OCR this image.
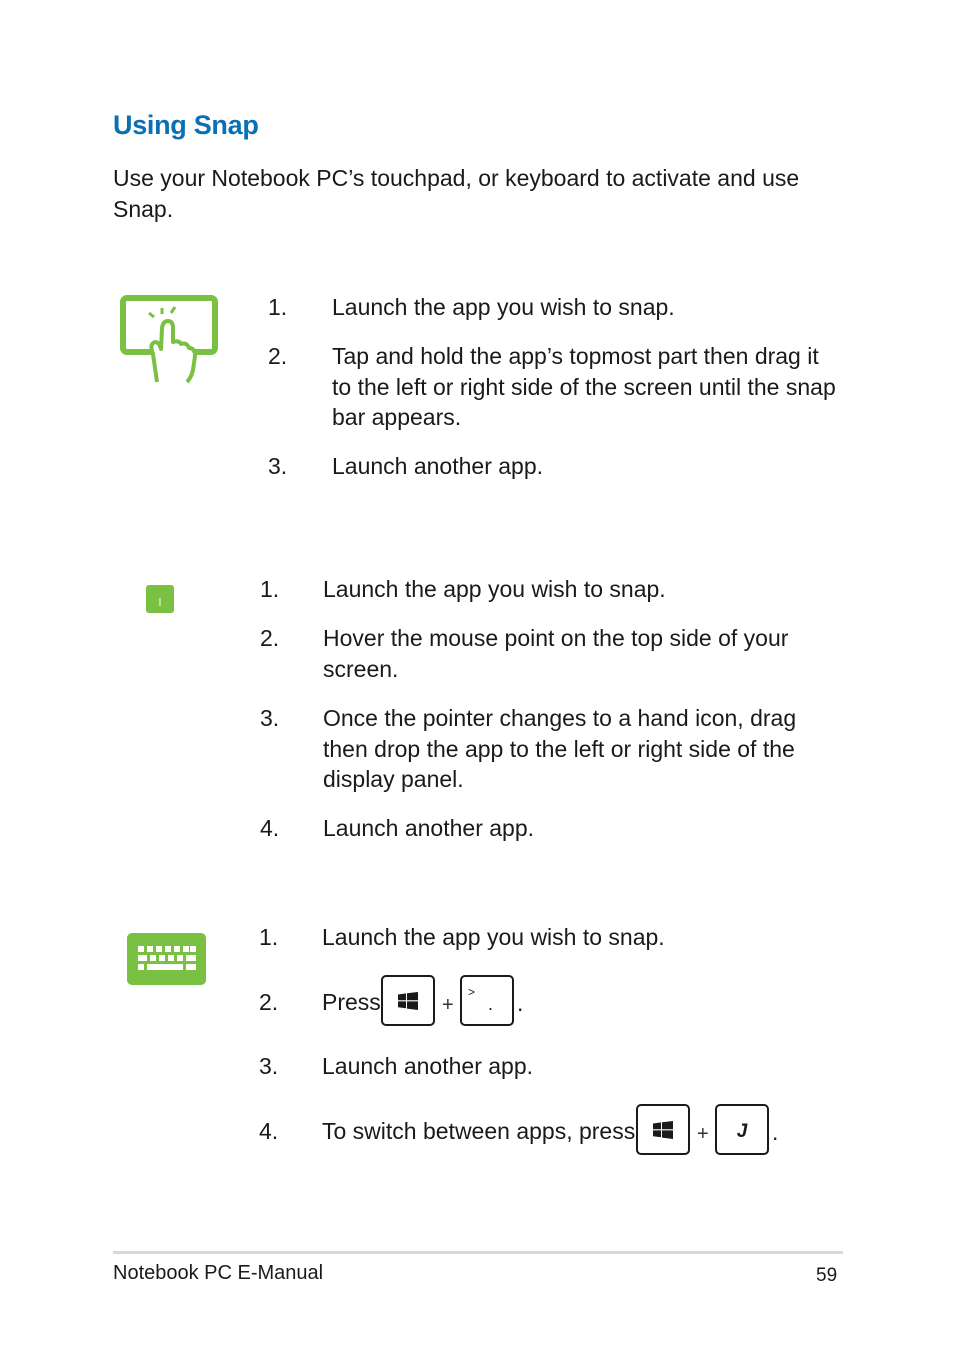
Using Snap
Use your Notebook PC’s touchpad, or keyboard to activate and use Snap.
1. Launch the app you wish to snap.
2. Tap and hold the app’s topmost part then drag it to the left or right side of the screen until the snap bar appears.
3. Launch another app.
l
1. Launch the app you wish to snap.
2. Hover the mouse point on the top side of your screen.
3. Once the pointer changes to a hand icon, drag then drop the app to the left or right side of the display panel.
4. Launch another app.
1. Launch the app you wish to snap.
2. Press	+
>
. .
3. Launch another app.
4. To switch between apps, press	+	J	.
Notebook PC E-Manual	59
